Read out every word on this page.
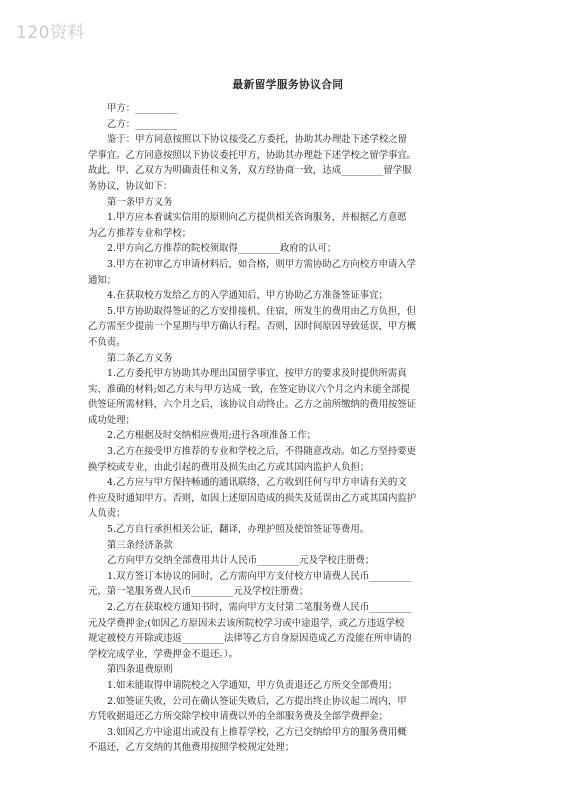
120资料
最新留学服务协议合同
甲方：_________
乙方：_________
鉴于：甲方同意按照以下协议接受乙方委托，协助其办理赴下述学校之留
学事宜。乙方同意按照以下协议委托甲方，协助其办理赴下述学校之留学事宜。
故此，甲、乙双方为明确责任和义务，双方经协商一致，达成_________留学服
务协议，协议如下：
第一条甲方义务
1.甲方应本着诚实信用的原则向乙方提供相关咨询服务，并根据乙方意愿
为乙方推荐专业和学校；
2.甲方向乙方推荐的院校须取得_________政府的认可；
3.甲方在初审乙方申请材料后，如合格，则甲方需协助乙方向校方申请入学
通知；
4.在获取校方发给乙方的入学通知后，甲方协助乙方准备签证事宜；
5.甲方协助取得签证的乙方安排接机、住宿，所发生的费用由乙方负担，但
乙方需至少提前一个星期与甲方确认行程。否则，因时间原因导致延误，甲方概
不负责。
第二条乙方义务
1.乙方委托甲方协助其办理出国留学事宜，按甲方的要求及时提供所需真
实、准确的材料;如乙方未与甲方达成一致，在签定协议六个月之内未能全部提
供签证所需材料，六个月之后，该协议自动终止。乙方之前所缴纳的费用按签证
成功处理；
2.乙方根据及时交纳相应费用;进行各项准备工作；
3.乙方在接受甲方推荐的专业和学校之后，不得随意改动。如乙方坚持要更
换学校或专业，由此引起的费用及损失由乙方或其国内监护人负担；
4.乙方应与甲方保持畅通的通讯联络，乙方收到任何与甲方申请有关的文
件应及时通知甲方。否则，如因上述原因造成的损失及延误由乙方或其国内监护
人负责；
5.乙方自行承担相关公证，翻译，办理护照及使馆签证等费用。
第三条经济条款
乙方向甲方交纳全部费用共计人民币_________元及学校注册费；
1.双方签订本协议的同时，乙方需向甲方支付校方申请费人民币_________
元，第一笔服务费人民币_________元及学校注册费；
2.乙方在获取校方通知书时，需向甲方支付第二笔服务费人民币_________
元及学费押金;(如因乙方原因未去该所院校学习或中途退学，或乙方违返学校
规定被校方开除或违返_________法律等乙方自身原因造成乙方没能在所申请的
学校完成学业，学费押金不退还。）。
第四条退费原则
1.如未能取得申请院校之入学通知，甲方负责退还乙方所交全部费用；
2.如签证失败，公司在确认签证失败后，乙方提出终止协议起二周内，甲
方凭收据退还乙方所交除学校申请费以外的全部服务费及全部学费押金；
3.如因乙方中途退出或没有上推荐学校，乙方已交纳给甲方的服务费用概
不退还，乙方交纳的其他费用按照学校规定处理；
